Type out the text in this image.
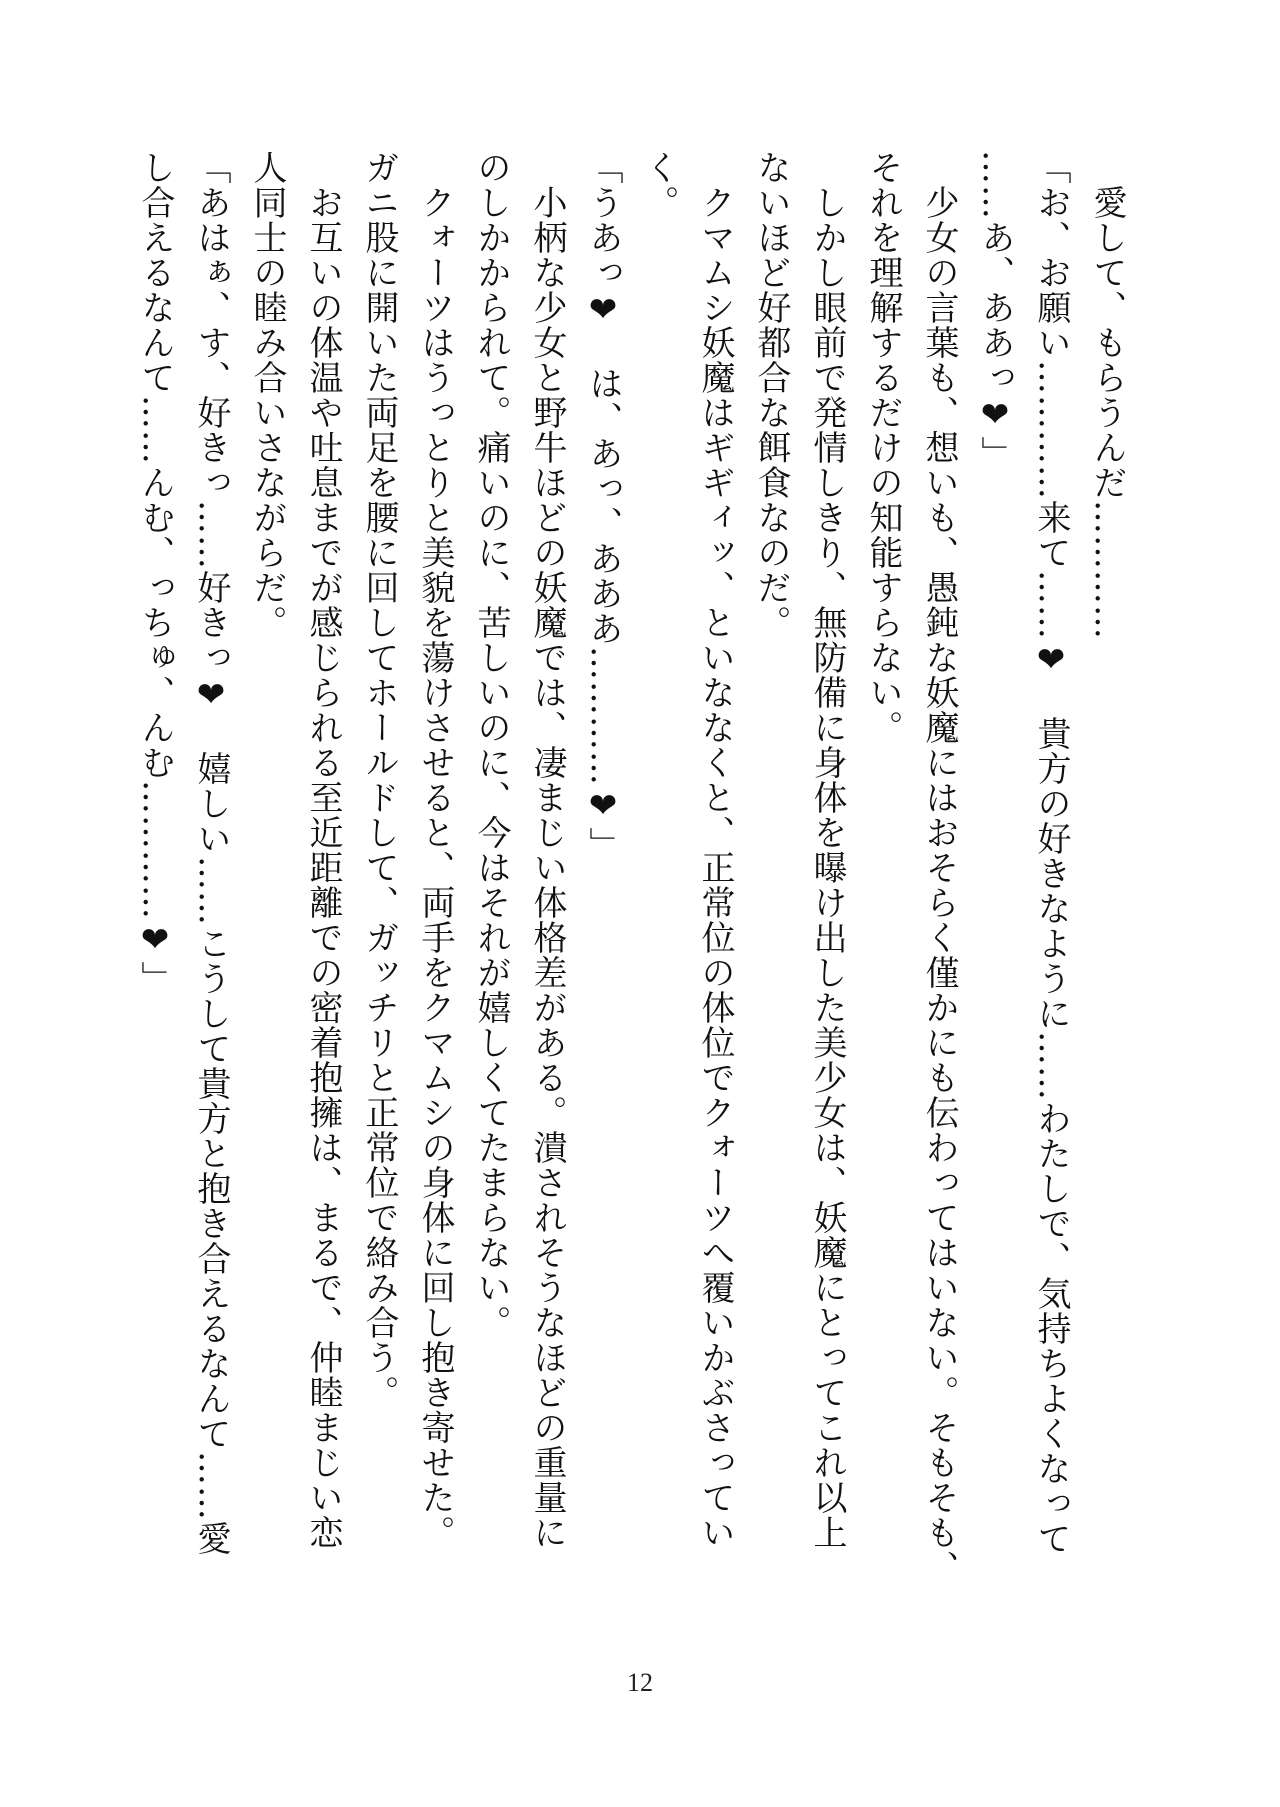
　愛して、もらうんだ…………
「お、お願い…………来て……❤　貴方の好きなように……わたしで、気持ちよくなって
……あ、ああっ❤」
　少女の言葉も、想いも、愚鈍な妖魔にはおそらく僅かにも伝わってはいない。そもそも、
それを理解するだけの知能すらない。
　しかし眼前で発情しきり、無防備に身体を曝け出した美少女は、妖魔にとってこれ以上
ないほど好都合な餌食なのだ。
　クマムシ妖魔はギギィッ、といななくと、正常位の体位でクォーツへ覆いかぶさってい
く。
「うあっ❤　は、あっ、あああ…………❤」
　小柄な少女と野牛ほどの妖魔では、凄まじい体格差がある。潰されそうなほどの重量に
のしかかられて。痛いのに、苦しいのに、今はそれが嬉しくてたまらない。
　クォーツはうっとりと美貌を蕩けさせると、両手をクマムシの身体に回し抱き寄せた。
ガニ股に開いた両足を腰に回してホールドして、ガッチリと正常位で絡み合う。
　お互いの体温や吐息までが感じられる至近距離での密着抱擁は、まるで、仲睦まじい恋
人同士の睦み合いさながらだ。
「あはぁ、す、好きっ……好きっ❤　嬉しい……こうして貴方と抱き合えるなんて……愛
し合えるなんて……んむ、っちゅ、んむ…………❤」
12
